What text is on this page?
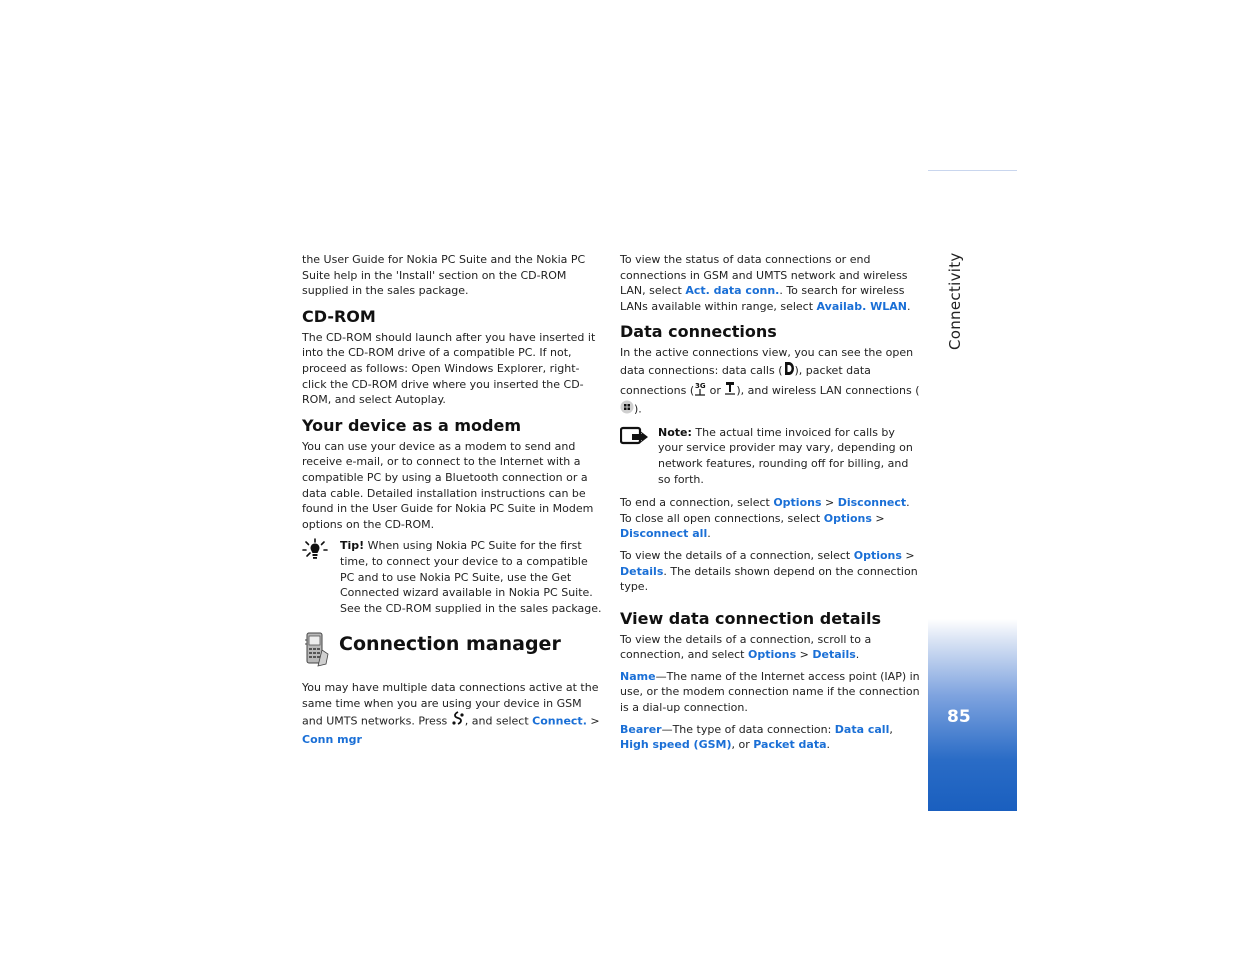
Connectivity
85

the User Guide for Nokia PC Suite and the Nokia PC Suite help in the 'Install' section on the CD-ROM supplied in the sales package.

CD-ROM

The CD-ROM should launch after you have inserted it into the CD-ROM drive of a compatible PC. If not, proceed as follows: Open Windows Explorer, right-click the CD-ROM drive where you inserted the CD-ROM, and select Autoplay.

Your device as a modem

You can use your device as a modem to send and receive e-mail, or to connect to the Internet with a compatible PC by using a Bluetooth connection or a data cable. Detailed installation instructions can be found in the User Guide for Nokia PC Suite in Modem options on the CD-ROM.

Tip! When using Nokia PC Suite for the first time, to connect your device to a compatible PC and to use Nokia PC Suite, use the Get Connected wizard available in Nokia PC Suite. See the CD-ROM supplied in the sales package.
Connection manager

You may have multiple data connections active at the same time when you are using your device in GSM and UMTS networks. Press , and select Connect. > Conn mgr

To view the status of data connections or end connections in GSM and UMTS network and wireless LAN, select Act. data conn.. To search for wireless LANs available within range, select Availab. WLAN.

Data connections

In the active connections view, you can see the open data connections: data calls ( ), packet data connections ( 3G or ), and wireless LAN connections ().

Note: The actual time invoiced for calls by your service provider may vary, depending on network features, rounding off for billing, and so forth.

To end a connection, select Options > Disconnect. To close all open connections, select Options > Disconnect all.

To view the details of a connection, select Options > Details. The details shown depend on the connection type.

View data connection details

To view the details of a connection, scroll to a connection, and select Options > Details.

Name—The name of the Internet access point (IAP) in use, or the modem connection name if the connection is a dial-up connection.

Bearer—The type of data connection: Data call, High speed (GSM), or Packet data.
